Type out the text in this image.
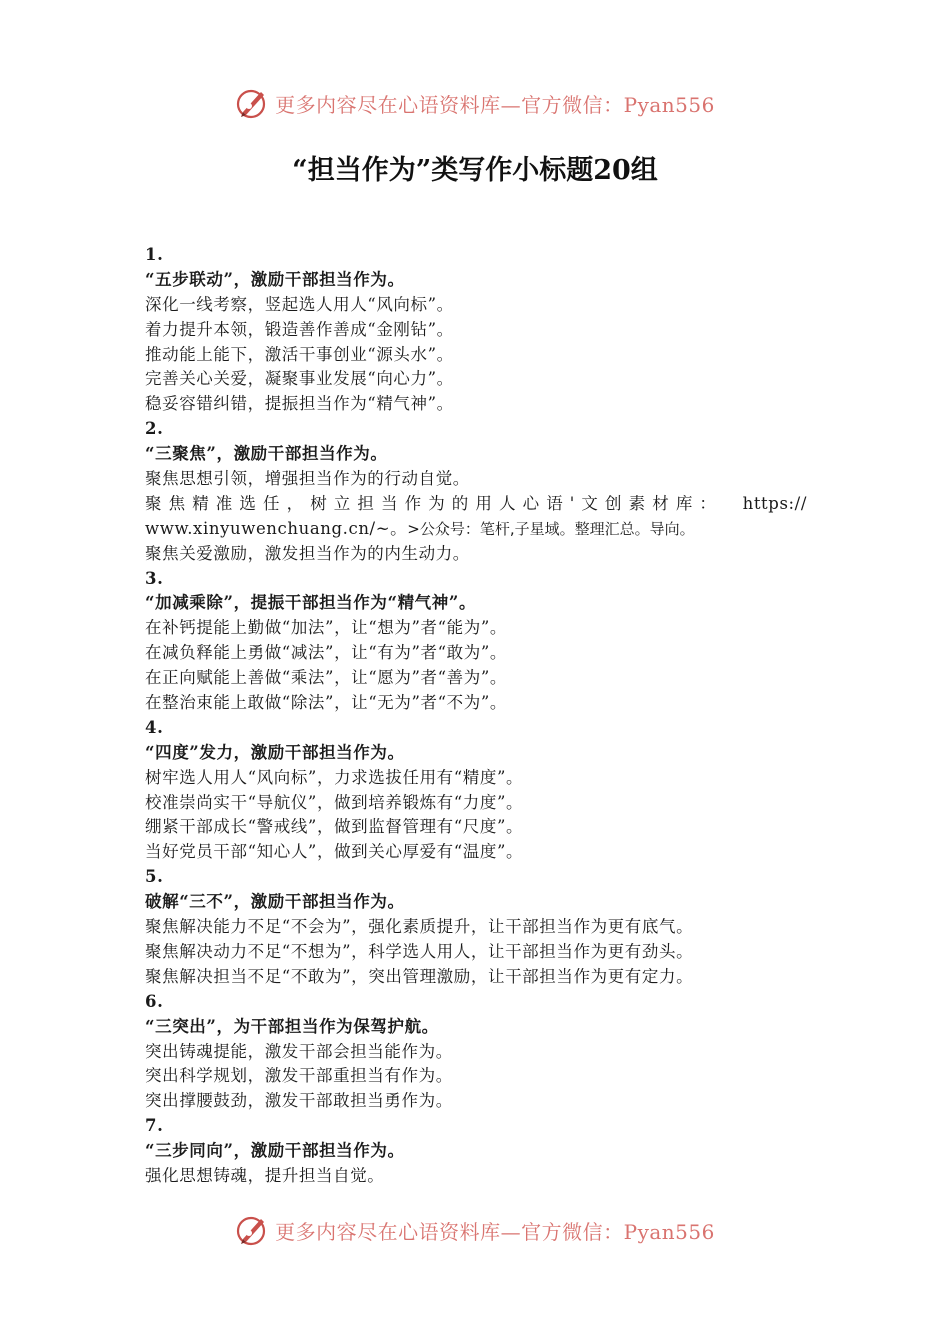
更多内容尽在心语资料库—官方微信：Pyan556
“担当作为”类写作小标题20组
1.
“五步联动”，激励干部担当作为。
深化一线考察，竖起选人用人“风向标”。
着力提升本领，锻造善作善成“金刚钻”。
推动能上能下，激活干事创业“源头水”。
完善关心关爱，凝聚事业发展“向心力”。
稳妥容错纠错，提振担当作为“精气神”。
2.
“三聚焦”，激励干部担当作为。
聚焦思想引领，增强担当作为的行动自觉。
聚焦精准选任，树立担当作为的用人心语'文创素材库： https://
www.xinyuwenchuang.cn/~。>公众号：笔杆,子星域。整理汇总。导向。
聚焦关爱激励，激发担当作为的内生动力。
3.
“加减乘除”，提振干部担当作为“精气神”。
在补钙提能上勤做“加法”，让“想为”者“能为”。
在减负释能上勇做“减法”，让“有为”者“敢为”。
在正向赋能上善做“乘法”，让“愿为”者“善为”。
在整治束能上敢做“除法”，让“无为”者“不为”。
4.
“四度”发力，激励干部担当作为。
树牢选人用人“风向标”，力求选拔任用有“精度”。
校准崇尚实干“导航仪”，做到培养锻炼有“力度”。
绷紧干部成长“警戒线”，做到监督管理有“尺度”。
当好党员干部“知心人”，做到关心厚爱有“温度”。
5.
破解“三不”，激励干部担当作为。
聚焦解决能力不足“不会为”，强化素质提升，让干部担当作为更有底气。
聚焦解决动力不足“不想为”，科学选人用人，让干部担当作为更有劲头。
聚焦解决担当不足“不敢为”，突出管理激励，让干部担当作为更有定力。
6.
“三突出”，为干部担当作为保驾护航。
突出铸魂提能，激发干部会担当能作为。
突出科学规划，激发干部重担当有作为。
突出撑腰鼓劲，激发干部敢担当勇作为。
7.
“三步同向”，激励干部担当作为。
强化思想铸魂，提升担当自觉。
更多内容尽在心语资料库—官方微信：Pyan556
